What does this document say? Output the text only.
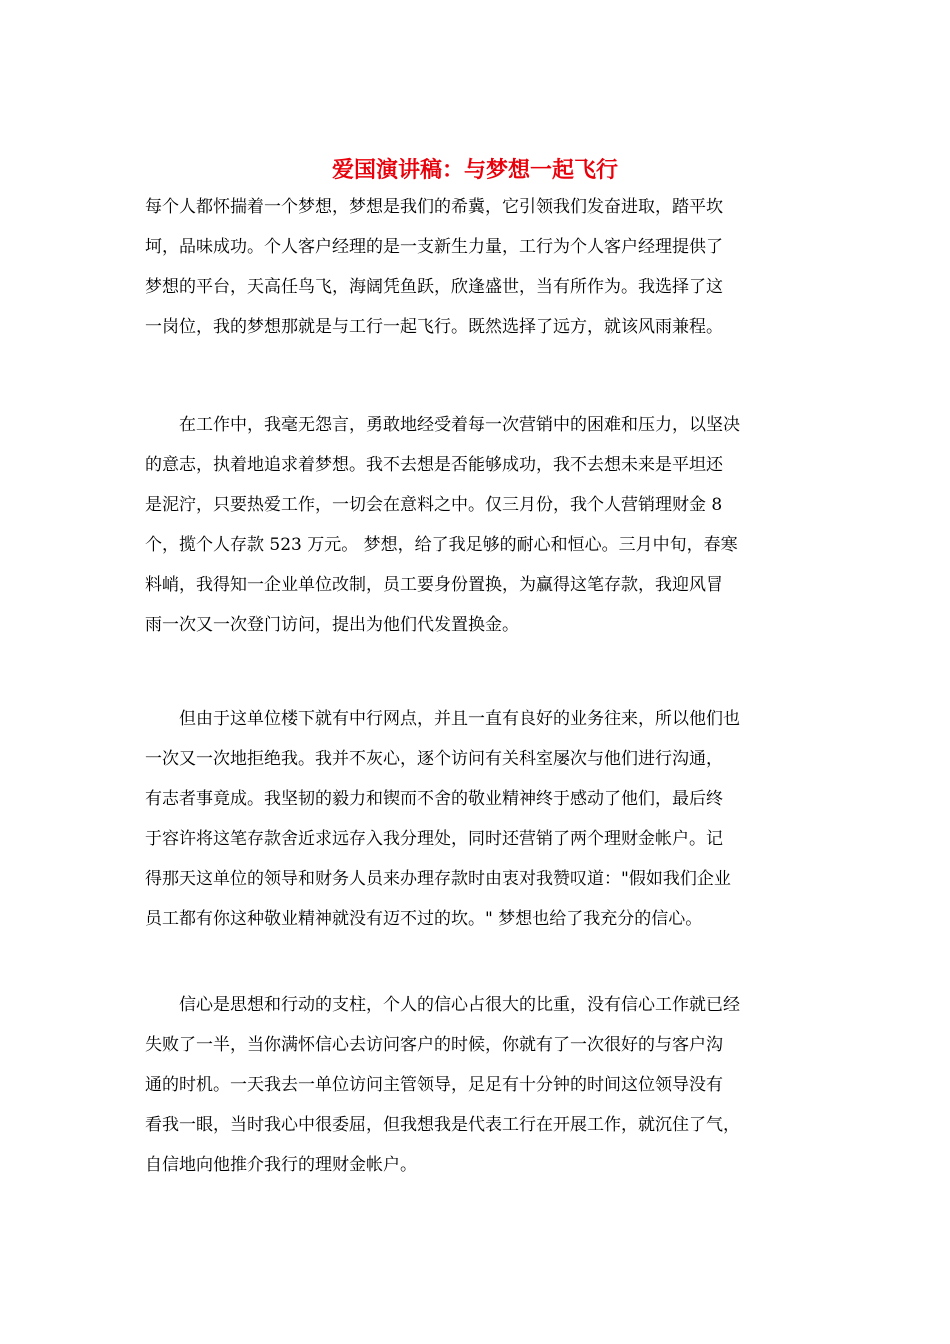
爱国演讲稿：与梦想一起飞行
每个人都怀揣着一个梦想，梦想是我们的希冀，它引领我们发奋进取，踏平坎
坷，品味成功。个人客户经理的是一支新生力量，工行为个人客户经理提供了
梦想的平台，天高任鸟飞，海阔凭鱼跃，欣逢盛世，当有所作为。我选择了这
一岗位，我的梦想那就是与工行一起飞行。既然选择了远方，就该风雨兼程。
　　在工作中，我毫无怨言，勇敢地经受着每一次营销中的困难和压力，以坚决
的意志，执着地追求着梦想。我不去想是否能够成功，我不去想未来是平坦还
是泥泞，只要热爱工作，一切会在意料之中。仅三月份，我个人营销理财金 8
个，揽个人存款 523 万元。 梦想，给了我足够的耐心和恒心。三月中旬，春寒
料峭，我得知一企业单位改制，员工要身份置换，为赢得这笔存款，我迎风冒
雨一次又一次登门访问，提出为他们代发置换金。
　　但由于这单位楼下就有中行网点，并且一直有良好的业务往来，所以他们也
一次又一次地拒绝我。我并不灰心，逐个访问有关科室屡次与他们进行沟通，
有志者事竟成。我坚韧的毅力和锲而不舍的敬业精神终于感动了他们，最后终
于容许将这笔存款舍近求远存入我分理处，同时还营销了两个理财金帐户。记
得那天这单位的领导和财务人员来办理存款时由衷对我赞叹道："假如我们企业
员工都有你这种敬业精神就没有迈不过的坎。" 梦想也给了我充分的信心。
　　信心是思想和行动的支柱，个人的信心占很大的比重，没有信心工作就已经
失败了一半，当你满怀信心去访问客户的时候，你就有了一次很好的与客户沟
通的时机。一天我去一单位访问主管领导，足足有十分钟的时间这位领导没有
看我一眼，当时我心中很委屈，但我想我是代表工行在开展工作，就沉住了气，
自信地向他推介我行的理财金帐户。
